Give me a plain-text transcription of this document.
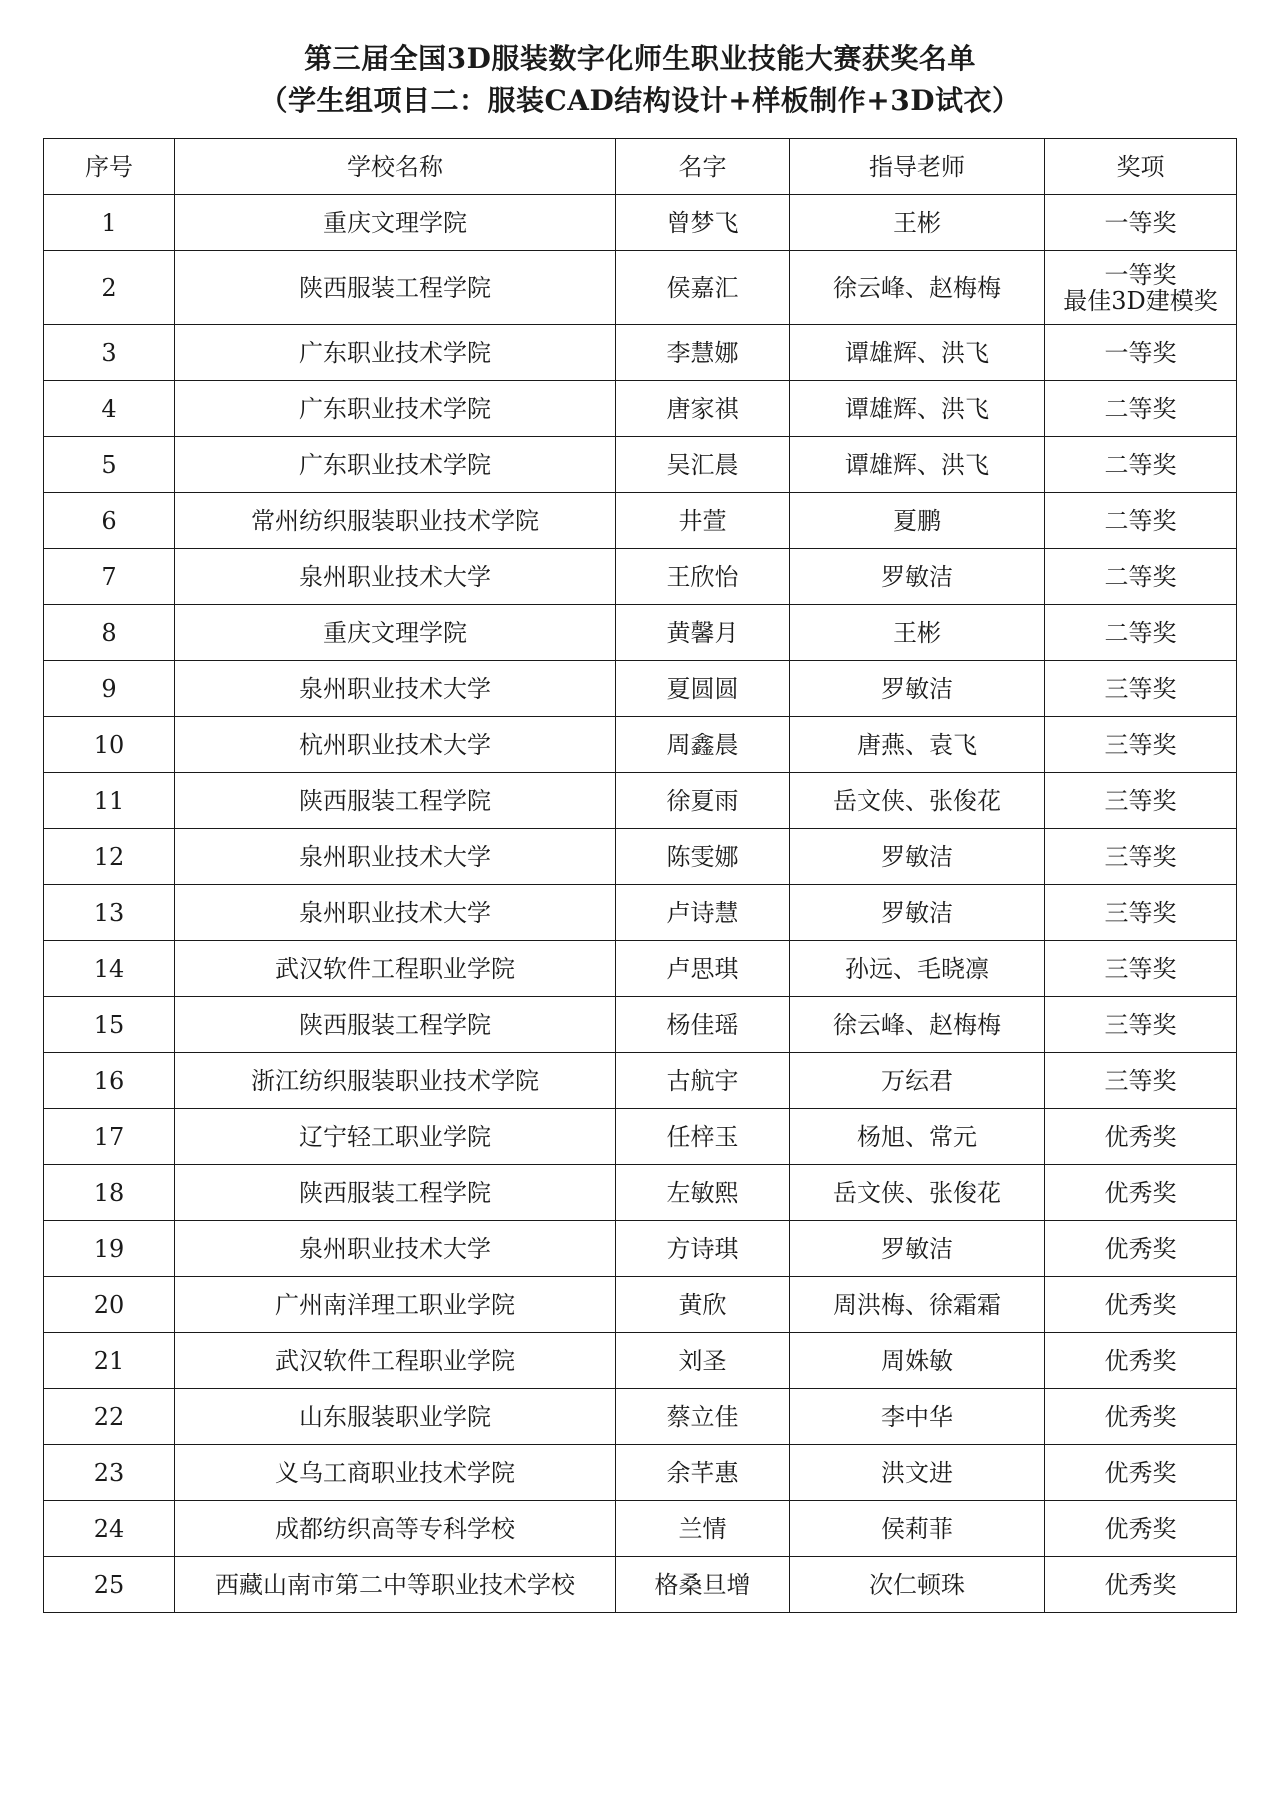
第三届全国3D服装数字化师生职业技能大赛获奖名单
（学生组项目二：服装CAD结构设计+样板制作+3D试衣）
序号	学校名称	名字	指导老师	奖项
1	重庆文理学院	曾梦飞	王彬	一等奖

2	陕西服装工程学院	侯嘉汇	徐云峰、赵梅梅	一等奖
最佳3D建模奖

3	广东职业技术学院	李慧娜	谭雄辉、洪飞	一等奖

4	广东职业技术学院	唐家祺	谭雄辉、洪飞	二等奖

5	广东职业技术学院	吴汇晨	谭雄辉、洪飞	二等奖

6	常州纺织服装职业技术学院	井萱	夏鹏	二等奖

7	泉州职业技术大学	王欣怡	罗敏洁	二等奖

8	重庆文理学院	黄馨月	王彬	二等奖

9	泉州职业技术大学	夏圆圆	罗敏洁	三等奖

10	杭州职业技术大学	周鑫晨	唐燕、袁飞	三等奖

11	陕西服装工程学院	徐夏雨	岳文侠、张俊花	三等奖

12	泉州职业技术大学	陈雯娜	罗敏洁	三等奖

13	泉州职业技术大学	卢诗慧	罗敏洁	三等奖

14	武汉软件工程职业学院	卢思琪	孙远、毛晓凛	三等奖

15	陕西服装工程学院	杨佳瑶	徐云峰、赵梅梅	三等奖

16	浙江纺织服装职业技术学院	古航宇	万纭君	三等奖

17	辽宁轻工职业学院	任梓玉	杨旭、常元	优秀奖

18	陕西服装工程学院	左敏熙	岳文侠、张俊花	优秀奖

19	泉州职业技术大学	方诗琪	罗敏洁	优秀奖

20	广州南洋理工职业学院	黄欣	周洪梅、徐霜霜	优秀奖

21	武汉软件工程职业学院	刘圣	周姝敏	优秀奖

22	山东服装职业学院	蔡立佳	李中华	优秀奖

23	义乌工商职业技术学院	余芊惠	洪文进	优秀奖

24	成都纺织高等专科学校	兰情	侯莉菲	优秀奖

25	西藏山南市第二中等职业技术学校	格桑旦增	次仁顿珠	优秀奖
